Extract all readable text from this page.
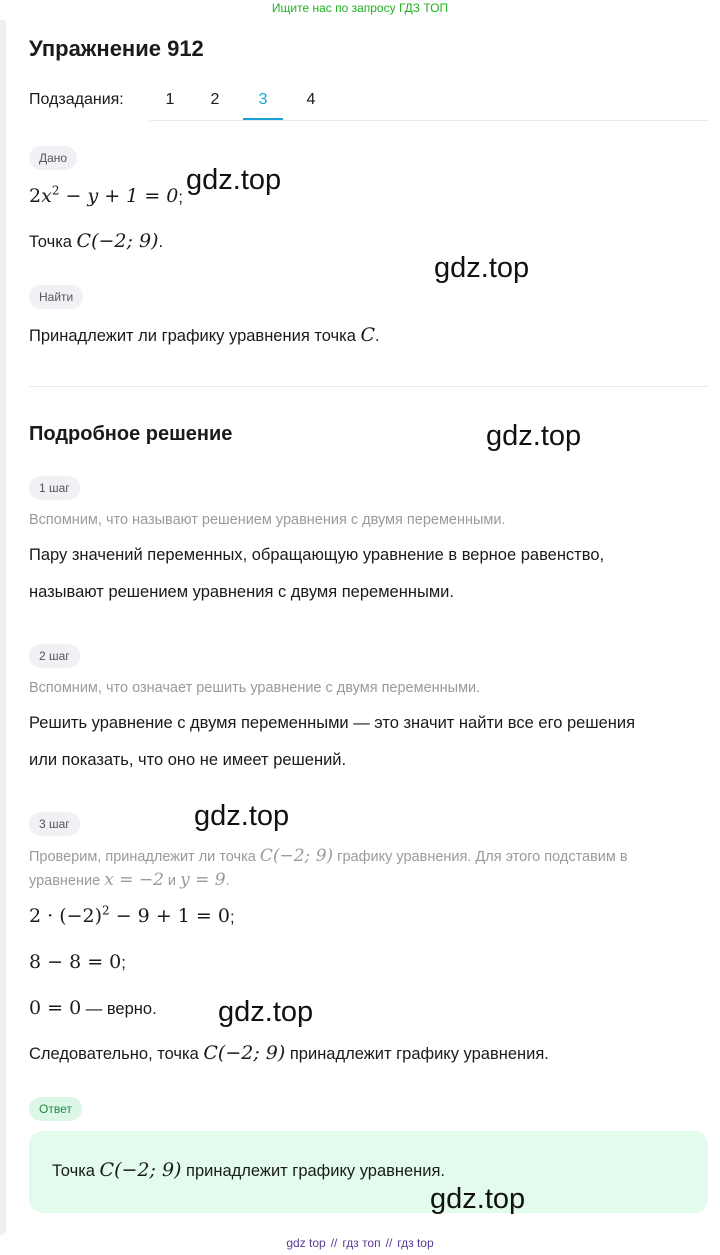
Ищите нас по запросу ГДЗ ТОП
Упражнение 912
Подзадания:	1	2	3	4
Дано
$2x^2 - y + 1 = 0$;
Точка C(−2; 9).
Найти
Принадлежит ли графику уравнения точка C.
Подробное решение
1 шаг
Вспомним, что называют решением уравнения с двумя переменными.
Пару значений переменных, обращающую уравнение в верное равенство,
называют решением уравнения с двумя переменными.
2 шаг
Вспомним, что означает решить уравнение с двумя переменными.
Решить уравнение с двумя переменными — это значит найти все его решения
или показать, что оно не имеет решений.
3 шаг
Проверим, принадлежит ли точка C(−2; 9) графику уравнения. Для этого подставим в
уравнение x = −2 и y = 9.
$2 \cdot (-2)^2 - 9 + 1 = 0$;
8 − 8 = 0;
0 = 0 — верно.
Следовательно, точка C(−2; 9) принадлежит графику уравнения.
Ответ
Точка C(−2; 9) принадлежит графику уравнения.
gdz.top
gdz.top
gdz.top
gdz.top
gdz.top
gdz.top
gdz top // гдз топ // гдз top
